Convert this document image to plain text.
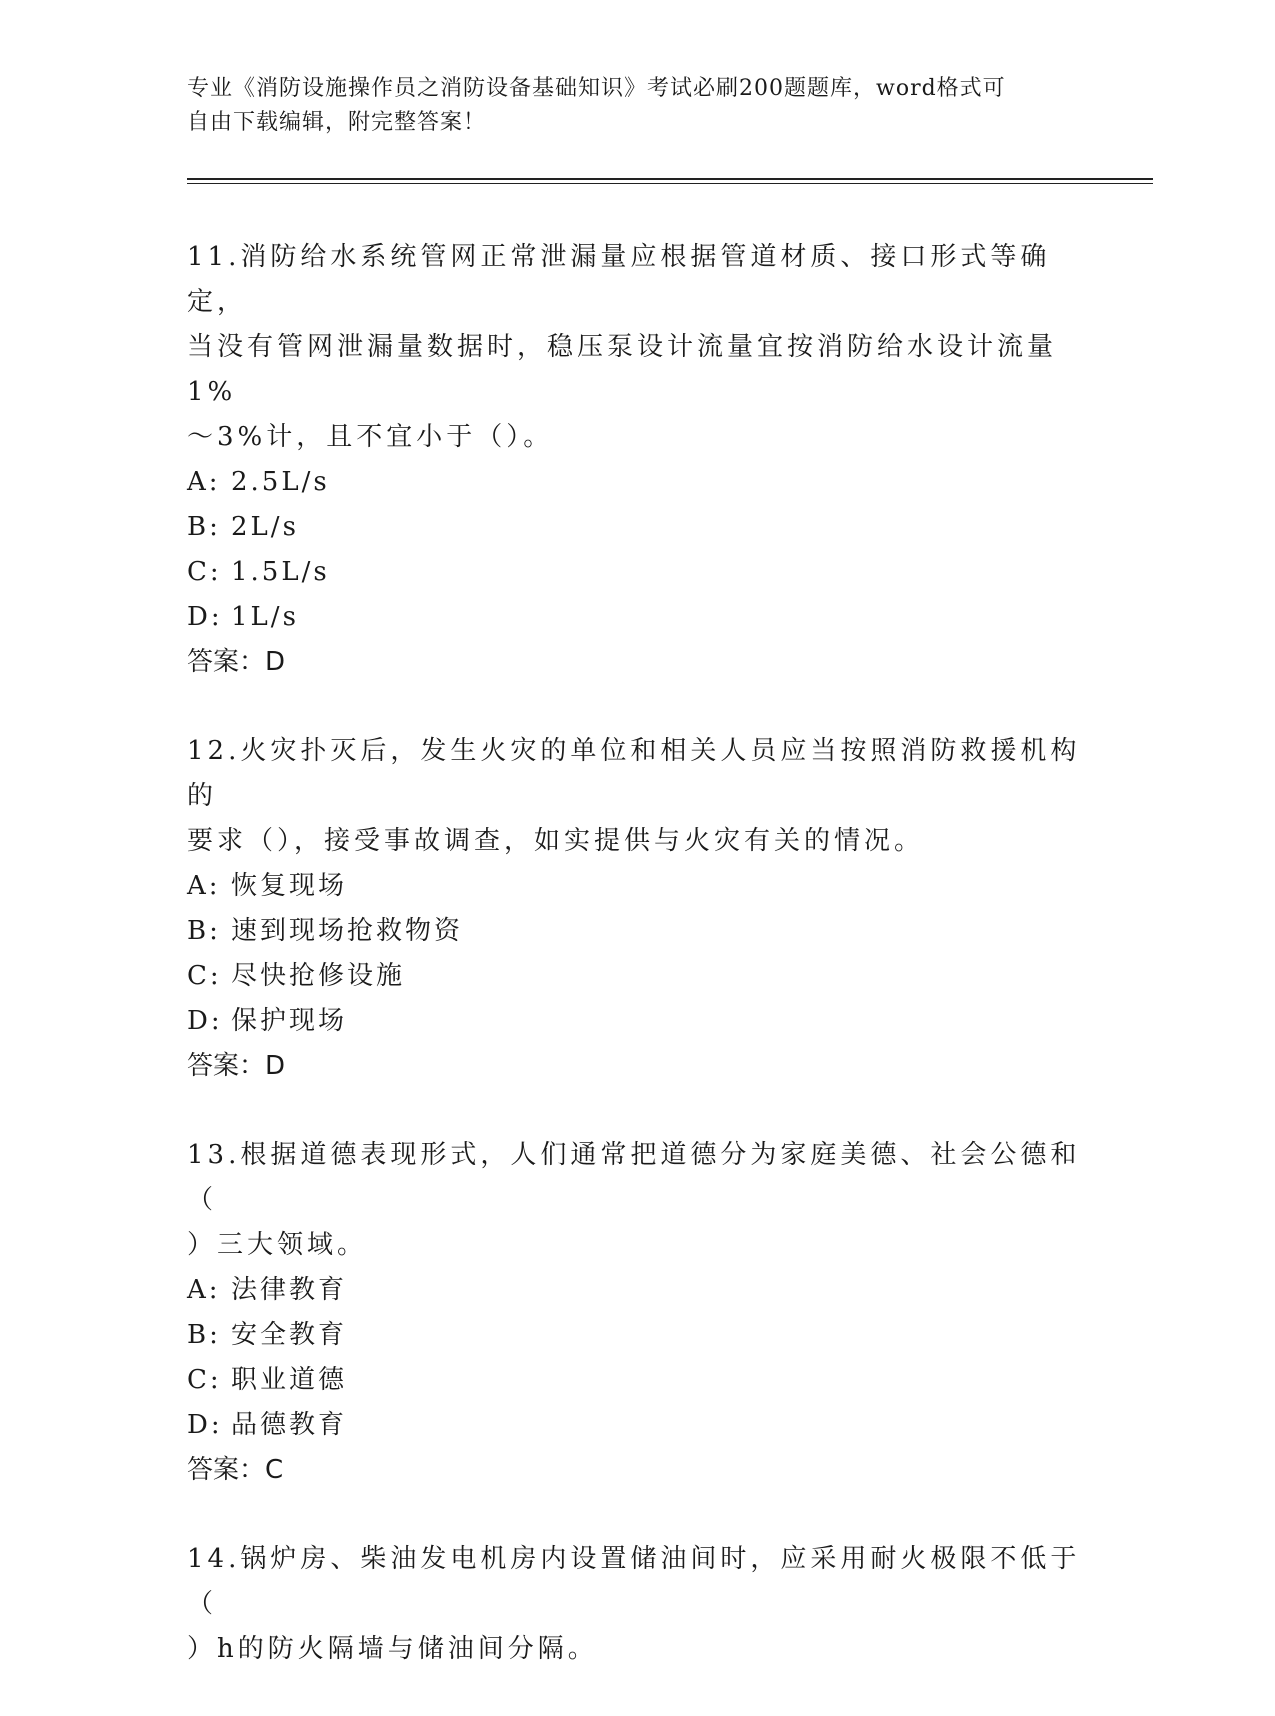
专业《消防设施操作员之消防设备基础知识》考试必刷200题题库，word格式可
自由下载编辑，附完整答案！

11.消防给水系统管网正常泄漏量应根据管道材质、接口形式等确定，

当没有管网泄漏量数据时，稳压泵设计流量宜按消防给水设计流量1%

～3%计，且不宜小于（）。

A: 2.5L/s

B: 2L/s

C: 1.5L/s

D: 1L/s

答案：D

12.火灾扑灭后，发生火灾的单位和相关人员应当按照消防救援机构的

要求（），接受事故调查，如实提供与火灾有关的情况。

A: 恢复现场

B: 速到现场抢救物资

C: 尽快抢修设施

D: 保护现场

答案：D

13.根据道德表现形式，人们通常把道德分为家庭美德、社会公德和（

）三大领域。

A: 法律教育

B: 安全教育

C: 职业道德

D: 品德教育

答案：C

14.锅炉房、柴油发电机房内设置储油间时，应采用耐火极限不低于（

）h的防火隔墙与储油间分隔。
